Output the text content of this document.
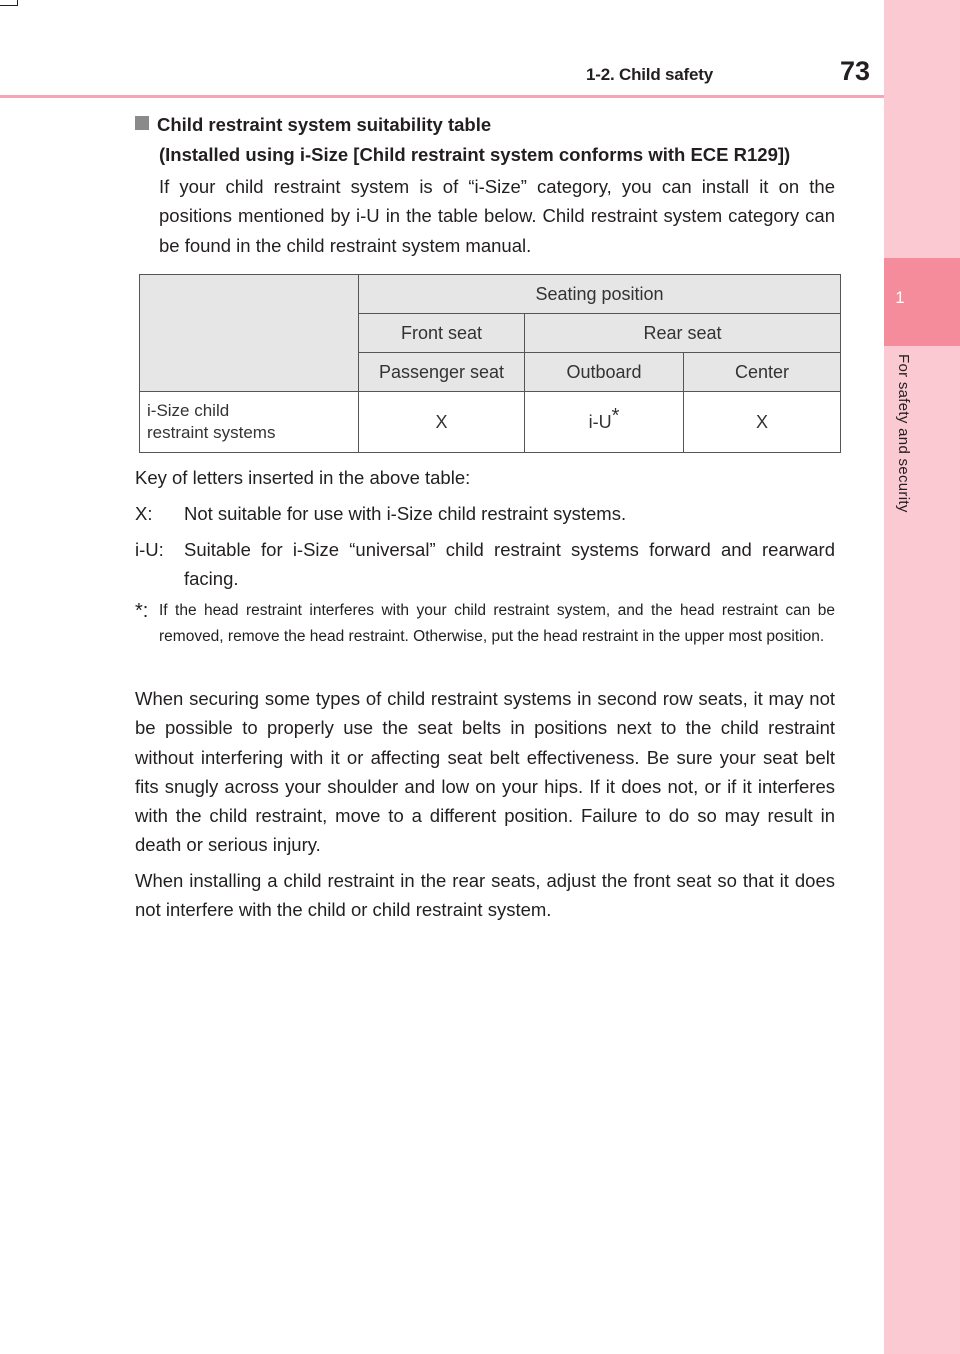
1
For safety and security
1-2. Child safety	73
Child restraint system suitability table
(Installed using i-Size [Child restraint system conforms with ECE R129])
If your child restraint system is of “i-Size” category, you can install it on the positions mentioned by i-U in the table below. Child restraint system category can be found in the child restraint system manual.
	Seating position		
	Front seat	Rear seat	
	Passenger seat	Outboard	Center

i-Size child
restraint systems	X	i-U*	X
Key of letters inserted in the above table:
X: Not suitable for use with i-Size child restraint systems.
i-U: Suitable for i-Size “universal” child restraint systems forward and rearward facing.
*: If the head restraint interferes with your child restraint system, and the head restraint can be removed, remove the head restraint. Otherwise, put the head restraint in the upper most position.
When securing some types of child restraint systems in second row seats, it may not be possible to properly use the seat belts in positions next to the child restraint without interfering with it or affecting seat belt effectiveness. Be sure your seat belt fits snugly across your shoulder and low on your hips. If it does not, or if it interferes with the child restraint, move to a different position. Failure to do so may result in death or serious injury.
When installing a child restraint in the rear seats, adjust the front seat so that it does not interfere with the child or child restraint system.
